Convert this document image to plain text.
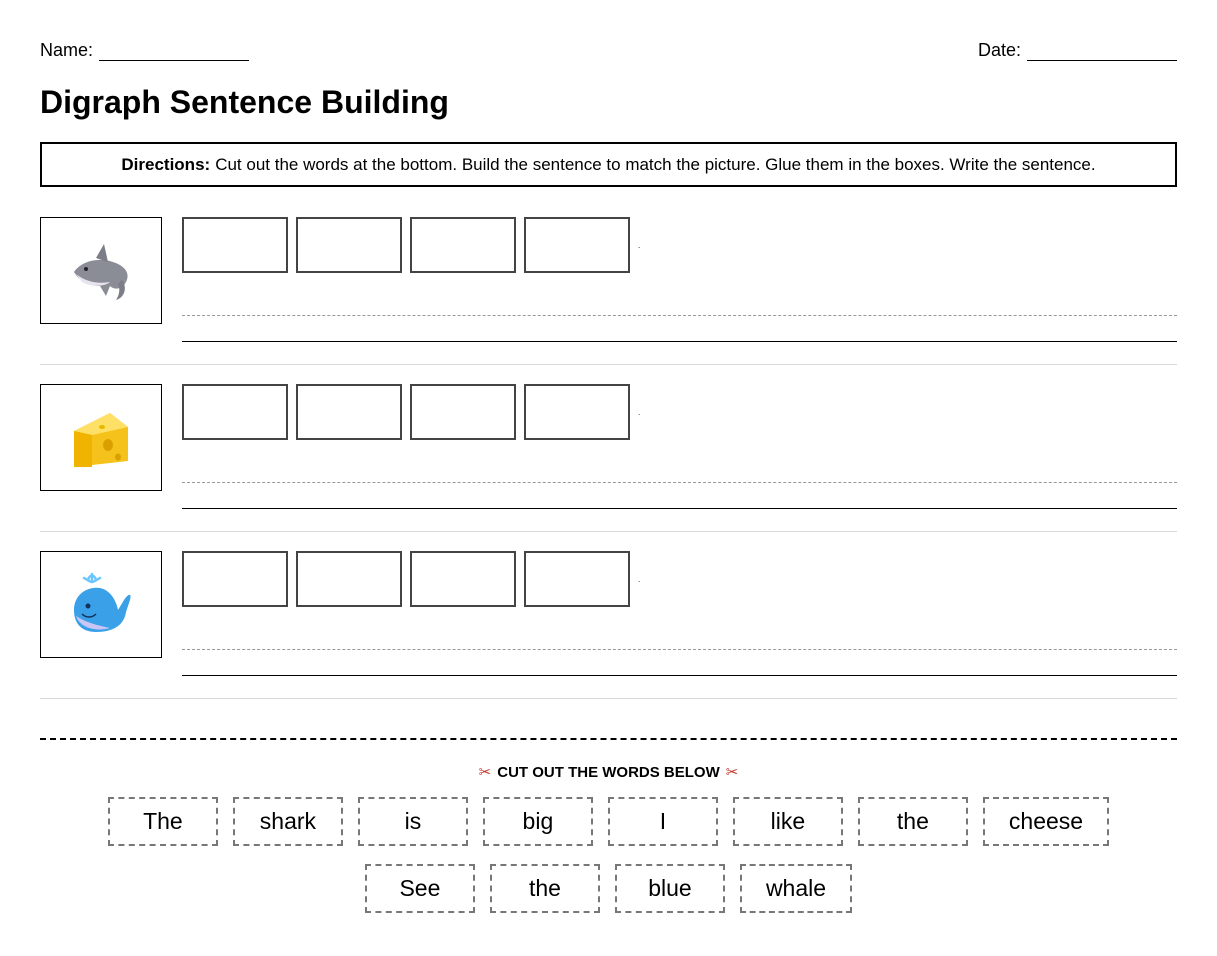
Name:	Date:
Digraph Sentence Building
Directions: Cut out the words at the bottom. Build the sentence to match the picture. Glue them in the boxes. Write the sentence.
.
.
.
✂ CUT OUT THE WORDS BELOW ✂
The	shark	is	big	I	like	the	cheese
See	the	blue	whale
